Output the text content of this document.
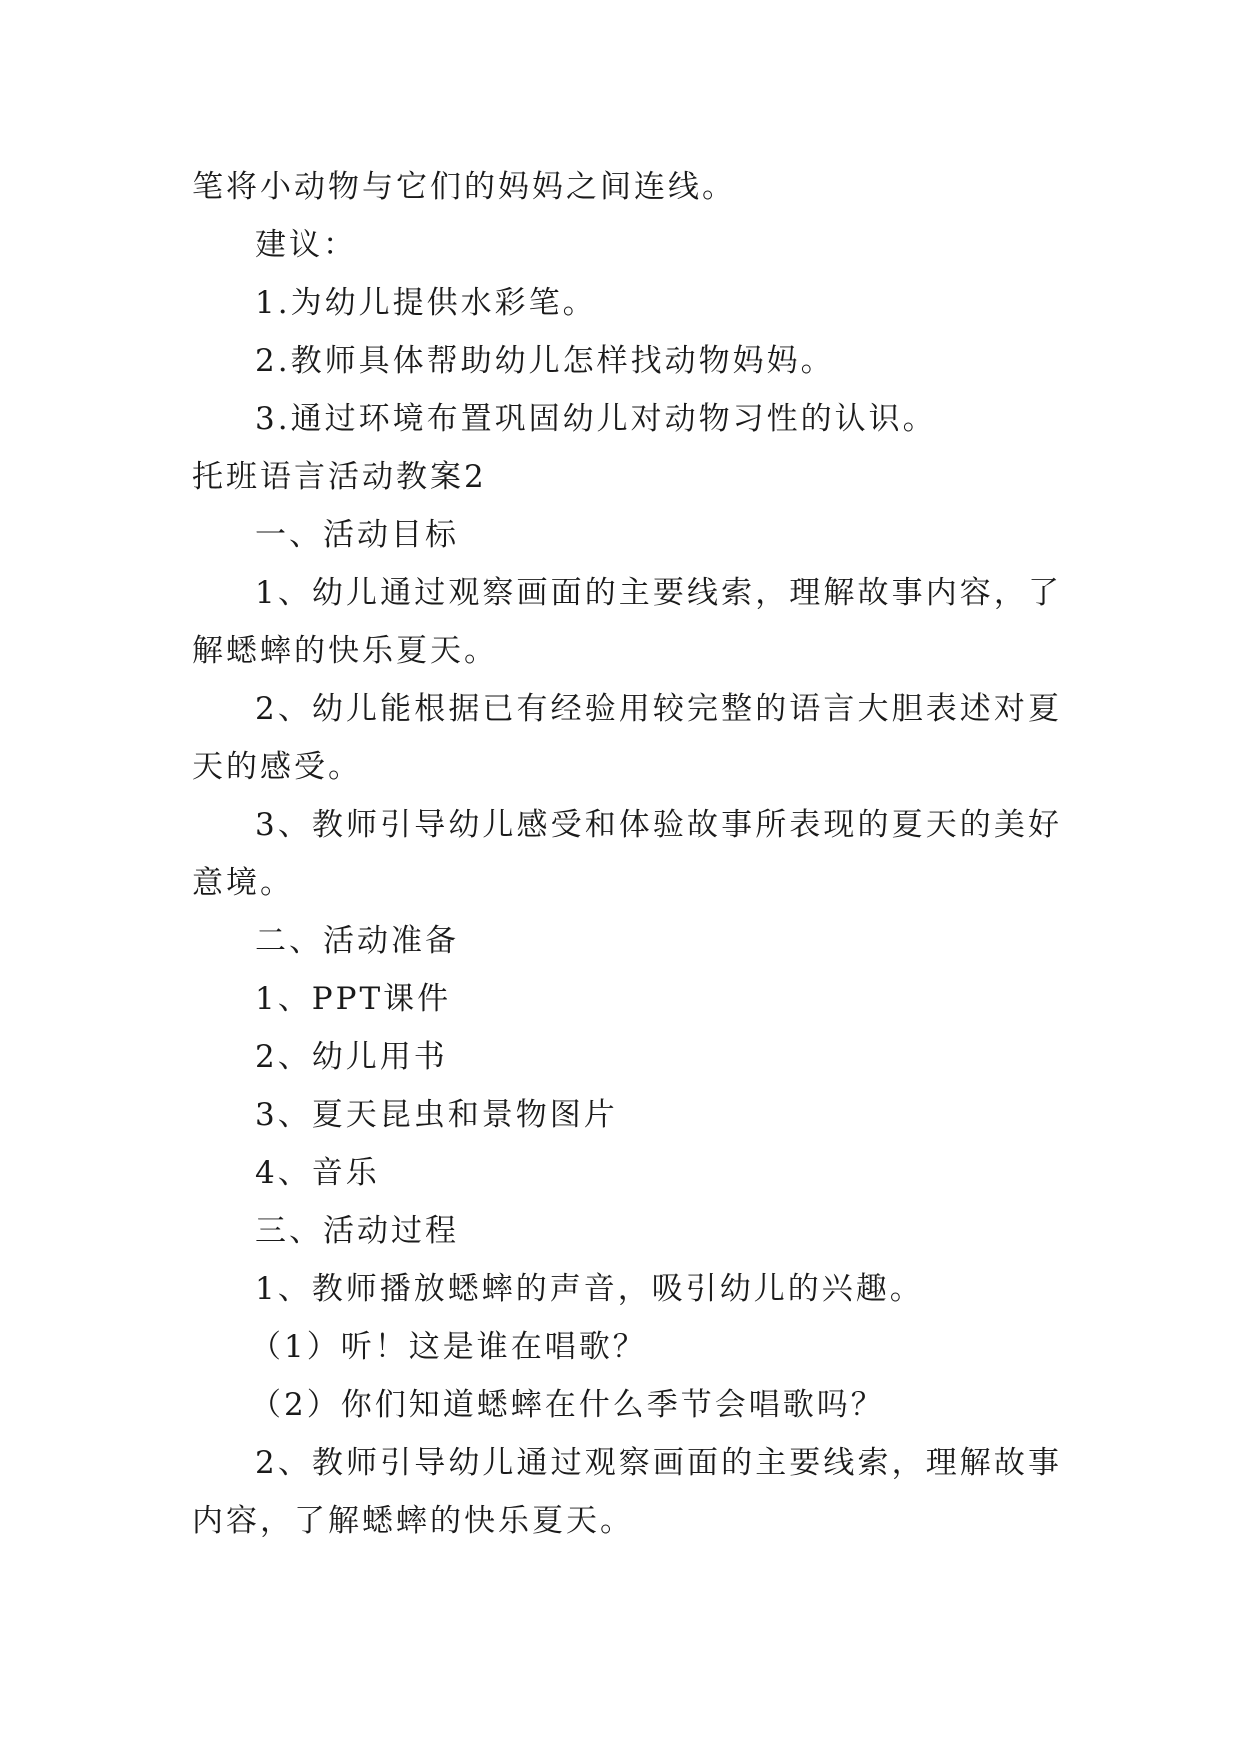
笔将小动物与它们的妈妈之间连线。

建议：

1.为幼儿提供水彩笔。

2.教师具体帮助幼儿怎样找动物妈妈。

3.通过环境布置巩固幼儿对动物习性的认识。

托班语言活动教案2

一、活动目标

1、幼儿通过观察画面的主要线索，理解故事内容，了

解蟋蟀的快乐夏天。

2、幼儿能根据已有经验用较完整的语言大胆表述对夏

天的感受。

3、教师引导幼儿感受和体验故事所表现的夏天的美好

意境。

二、活动准备

1、PPT课件

2、幼儿用书

3、夏天昆虫和景物图片

4、音乐

三、活动过程

1、教师播放蟋蟀的声音，吸引幼儿的兴趣。

（1）听！这是谁在唱歌？

（2）你们知道蟋蟀在什么季节会唱歌吗？

2、教师引导幼儿通过观察画面的主要线索，理解故事

内容，了解蟋蟀的快乐夏天。
